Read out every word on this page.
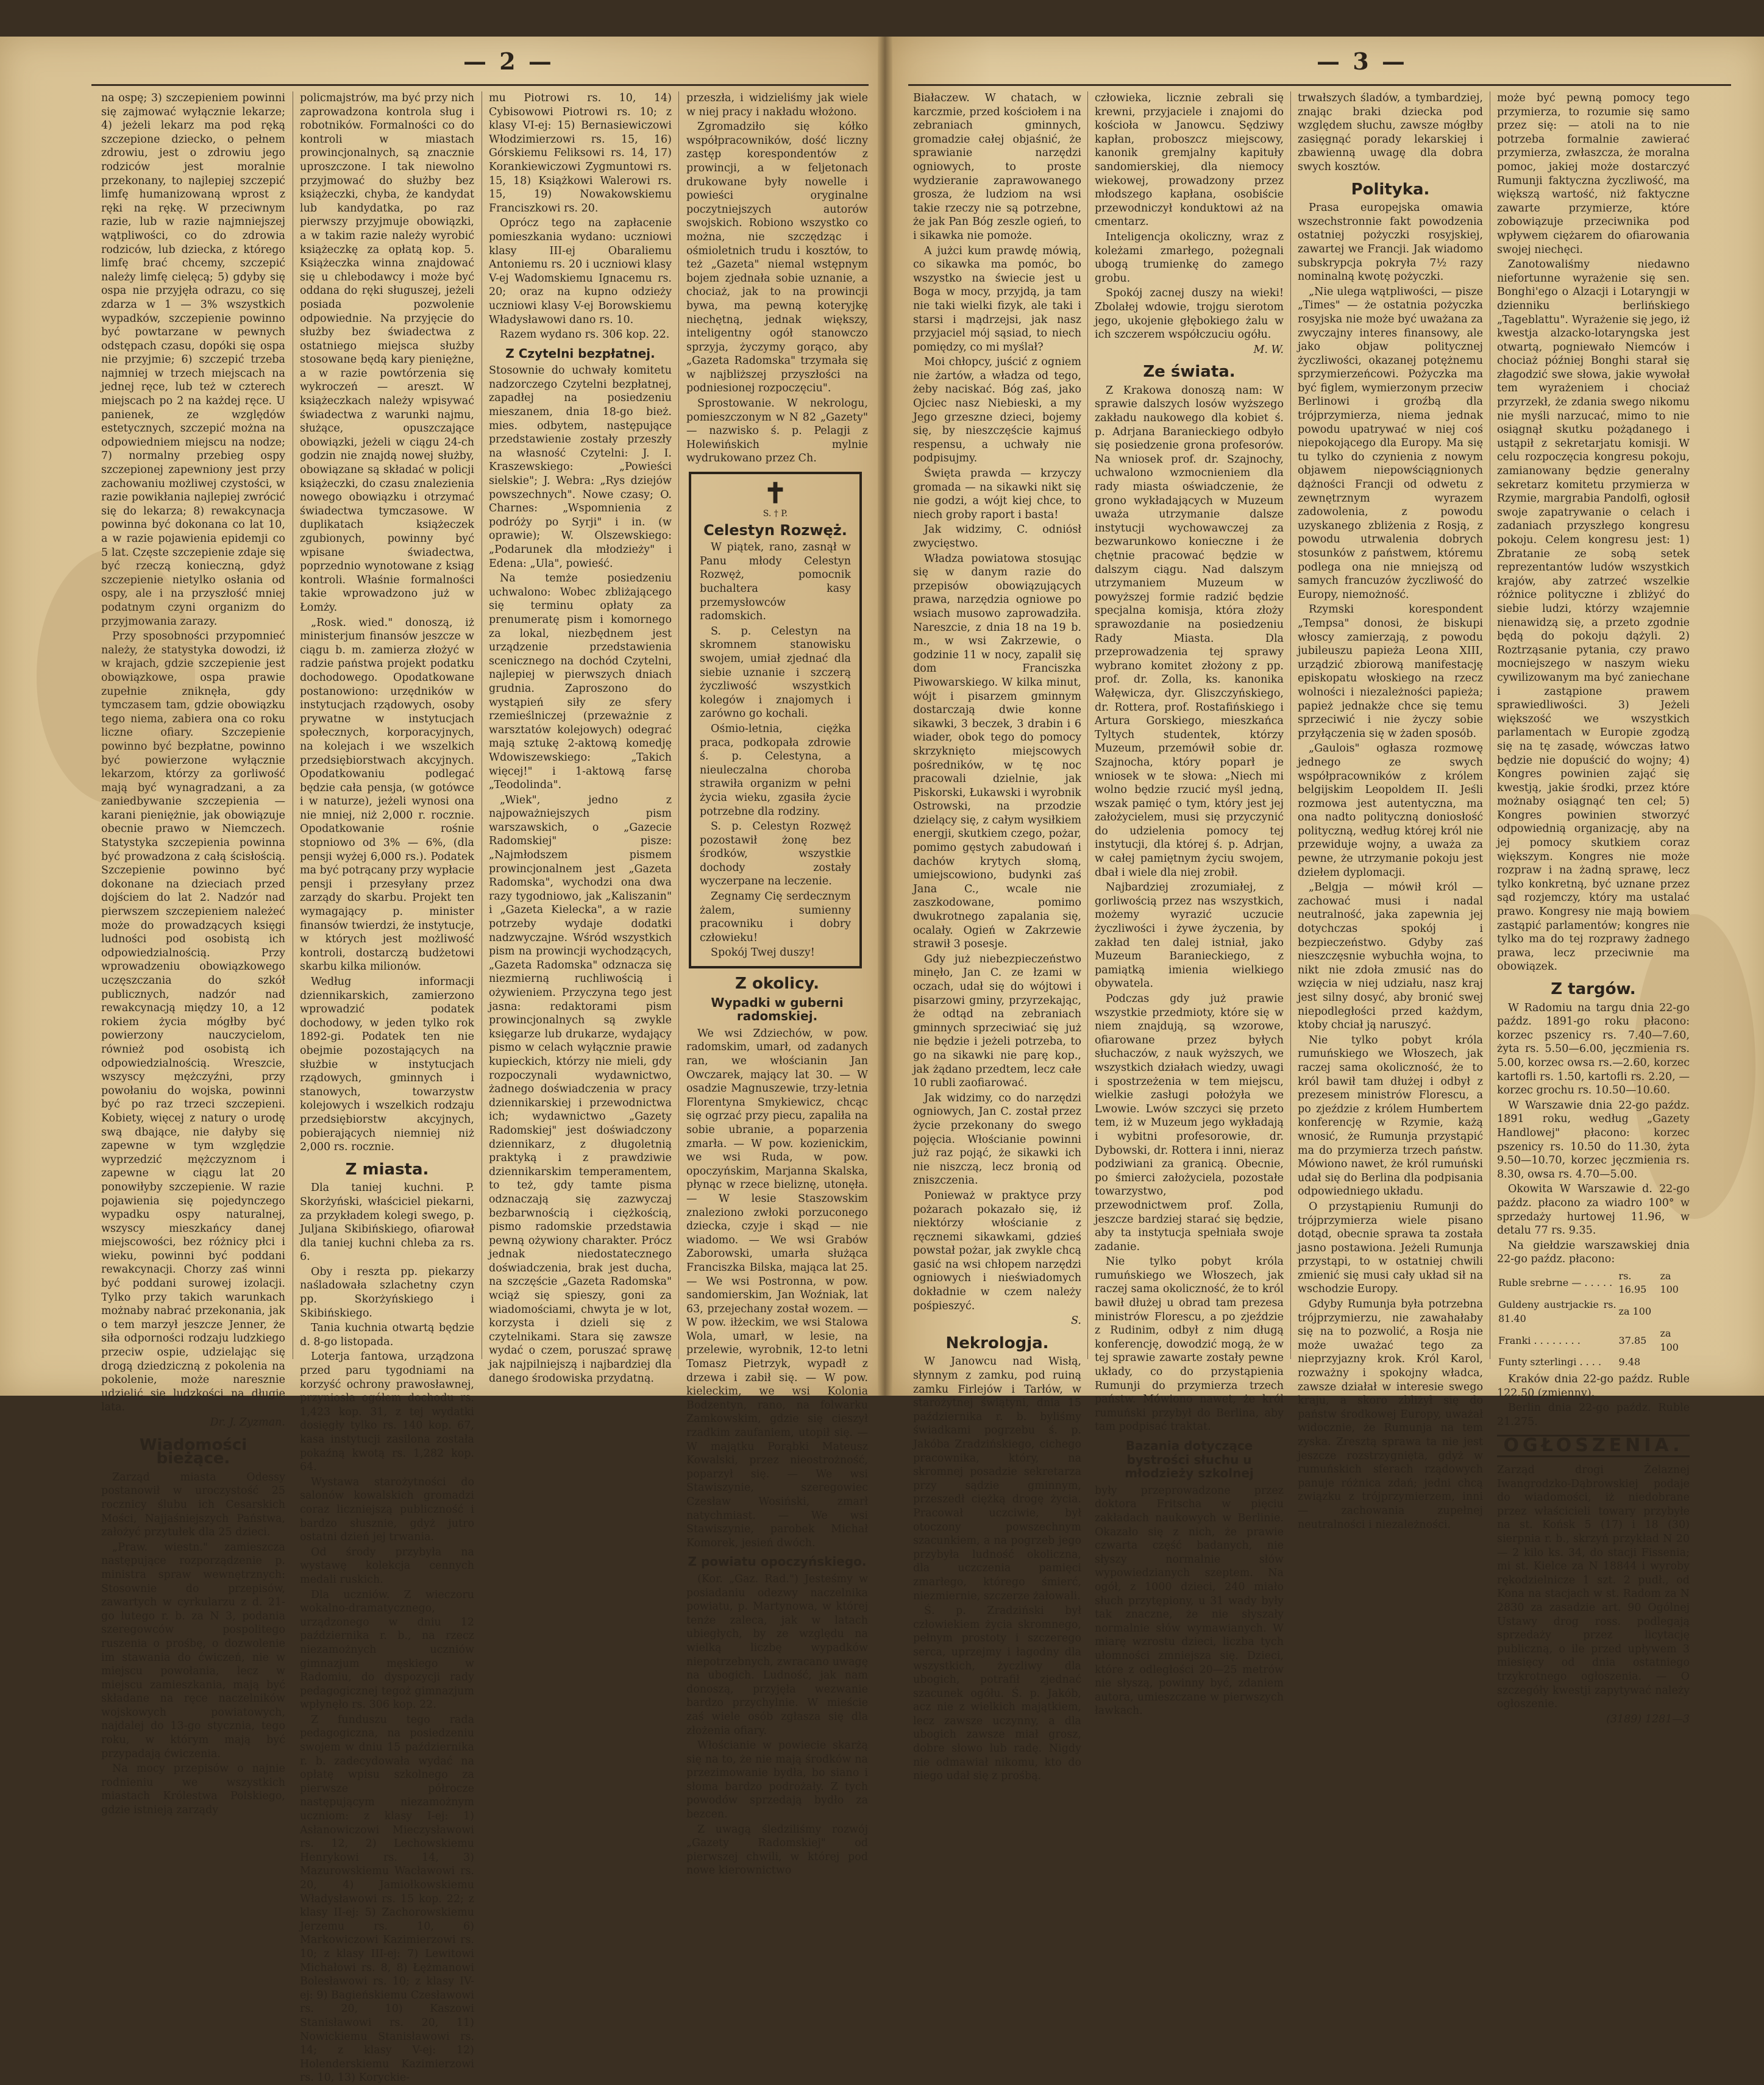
— 2 —	— 3 —

na ospę; 3) szczepieniem powinni się zajmować wyłącznie lekarze; 4) jeżeli lekarz ma pod ręką szczepione dziecko, o pełnem zdrowiu, jest o zdrowiu jego rodziców jest moralnie przekonany, to najlepiej szczepić limfę humanizowaną wprost z ręki na rękę. W przeciwnym razie, lub w razie najmniejszej wątpliwości, co do zdrowia rodziców, lub dziecka, z którego limfę brać chcemy, szczepić należy limfę cielęcą; 5) gdyby się ospa nie przyjęła odrazu, co się zdarza w 1 — 3% wszystkich wypadków, szczepienie powinno być powtarzane w pewnych odstępach czasu, dopóki się ospa nie przyjmie; 6) szczepić trzeba najmniej w trzech miejscach na jednej ręce, lub też w czterech miejscach po 2 na każdej ręce. U panienek, ze względów estetycznych, szczepić można na odpowiedniem miejscu na nodze; 7) normalny przebieg ospy szczepionej zapewniony jest przy zachowaniu możliwej czystości, w razie powikłania najlepiej zwrócić się do lekarza; 8) rewakcynacja powinna być dokonana co lat 10, a w razie pojawienia epidemji co 5 lat. Częste szczepienie zdaje się być rzeczą konieczną, gdyż szczepienie nietylko osłania od ospy, ale i na przyszłość mniej podatnym czyni organizm do przyjmowania zarazy.

Przy sposobności przypomnieć należy, że statystyka dowodzi, iż w krajach, gdzie szczepienie jest obowiązkowe, ospa prawie zupełnie zniknęła, gdy tymczasem tam, gdzie obowiązku tego niema, zabiera ona co roku liczne ofiary. Szczepienie powinno być bezpłatne, powinno być powierzone wyłącznie lekarzom, którzy za gorliwość mają być wynagradzani, a za zaniedbywanie szczepienia — karani pieniężnie, jak obowiązuje obecnie prawo w Niemczech. Statystyka szczepienia powinna być prowadzona z całą ścisłością. Szczepienie powinno być dokonane na dzieciach przed dojściem do lat 2. Nadzór nad pierwszem szczepieniem należeć może do prowadzących księgi ludności pod osobistą ich odpowiedzialnością. Przy wprowadzeniu obowiązkowego uczęszczania do szkół publicznych, nadzór nad rewakcynacją między 10, a 12 rokiem życia mógłby być powierzony nauczycielom, również pod osobistą ich odpowiedzialnością. Wreszcie, wszyscy mężczyźni, przy powołaniu do wojska, powinni być po raz trzeci szczepieni. Kobiety, więcej z natury o urodę swą dbające, nie dałyby się zapewne w tym względzie wyprzedzić mężczyznom i zapewne w ciągu lat 20 ponowiłyby szczepienie. W razie pojawienia się pojedynczego wypadku ospy naturalnej, wszyscy mieszkańcy danej miejscowości, bez różnicy płci i wieku, powinni być poddani rewakcynacji. Chorzy zaś winni być poddani surowej izolacji. Tylko przy takich warunkach możnaby nabrać przekonania, jak o tem marzył jeszcze Jenner, że siła odporności rodzaju ludzkiego przeciw ospie, udzielając się drogą dziedziczną z pokolenia na pokolenie, może naresznie udzielić się ludzkości na długie lata.

Dr. J. Zyzman.

Wiadomości bieżące.

Zarząd miasta Odessy postanowił w uroczystość 25 rocznicy ślubu ich Cesarskich Mości, Najjaśniejszych Państwa, założyć przytułek dla 25 dzieci.

„Praw. wiestn." zamieszcza następujące rozporządzenie p. ministra spraw wewnętrznych: Stosownie do przepisów, zawartych w cyrkularzu z d. 21-go lutego r. b. za N 3, podania szeregowców pospolitego ruszenia o prośbę, o dozwolenie im stawania do ćwiczeń, nie w miejscu powołania, lecz w miejscu zamieszkania, mają być składane na ręce naczelników wojskowych powiatowych, najdalej do 13-go stycznia, tego roku, w którym mają być przypadają ćwiczenia.

Na mocy przepisów o najnie rodnieniu we wszystkich miastach Królestwa Polskiego, gdzie istnieją zarządy

policmajstrów, ma być przy nich zaprowadzona kontrola sług i robotników. Formalności co do kontroli w miastach prowincjonalnych, są znacznie uproszczone. I tak niewolno przyjmować do służby bez książeczki, chyba, że kandydat lub kandydatka, po raz pierwszy przyjmuje obowiązki, a w takim razie należy wyrobić książeczkę za opłatą kop. 5. Książeczka winna znajdować się u chlebodawcy i może być oddana do ręki sługuszej, jeżeli posiada pozwolenie odpowiednie. Na przyjęcie do służby bez świadectwa z ostatniego miejsca służby stosowane będą kary pieniężne, a w razie powtórzenia się wykroczeń — areszt. W książeczkach należy wpisywać świadectwa z warunki najmu, służące, opuszczające obowiązki, jeżeli w ciągu 24-ch godzin nie znajdą nowej służby, obowiązane są składać w policji książeczki, do czasu znalezienia nowego obowiązku i otrzymać świadectwa tymczasowe. W duplikatach książeczek zgubionych, powinny być wpisane świadectwa, poprzednio wynotowane z ksiąg kontroli. Właśnie formalności takie wprowadzono już w Łomży.

„Rosk. wied." donoszą, iż ministerjum finansów jeszcze w ciągu b. m. zamierza złożyć w radzie państwa projekt podatku dochodowego. Opodatkowane postanowiono: urzędników w instytucjach rządowych, osoby prywatne w instytucjach społecznych, korporacyjnych, na kolejach i we wszelkich przedsiębiorstwach akcyjnych. Opodatkowaniu podlegać będzie cała pensja, (w gotówce i w naturze), jeżeli wynosi ona nie mniej, niż 2,000 r. rocznie. Opodatkowanie rośnie stopniowo od 3% — 6%, (dla pensji wyżej 6,000 rs.). Podatek ma być potrącany przy wypłacie pensji i przesyłany przez zarządy do skarbu. Projekt ten wymagający p. minister finansów twierdzi, że instytucje, w których jest możliwość kontroli, dostarczą budżetowi skarbu kilka milionów.

Według informacji dziennikarskich, zamierzono wprowadzić podatek dochodowy, w jeden tylko rok 1892-gi. Podatek ten nie obejmie pozostających na służbie w instytucjach rządowych, gminnych i stanowych, towarzystw kolejowych i wszelkich rodzaju przedsiębiorstw akcyjnych, pobierających niemniej niż 2,000 rs. rocznie.

Z miasta.

Dla taniej kuchni. P. Skorżyński, właściciel piekarni, za przykładem kolegi swego, p. Juljana Skibińskiego, ofiarował dla taniej kuchni chleba za rs. 6.

Oby i reszta pp. piekarzy naśladowała szlachetny czyn pp. Skorżyńskiego i Skibińskiego.

Tania kuchnia otwartą będzie d. 8-go listopada.

Loterja fantowa, urządzona przed paru tygodniami na korzyść ochrony prawosławnej, przyniosła ogółem dochodu rs. 1,423 kop. 31, z tej wydatki dosięgły tylko rs. 140 kop. 67, kasa instytucji zasilona została pokaźną kwotą rs. 1,282 kop. 64.

Wystawa starożytności do salonów kowalskich gromadzi coraz liczniejszą publiczność i bardzo słusznie, gdyż jutro ostatni dzień jej trwania.

Od środy przybyła na wystawę kolekcja cennych medali ruskich.

Dla uczniów. Z wieczoru wokalno-dramatycznego, urządzonego w dniu 12 października r. b., na rzecz niezamożnych uczniów gimnazjum męskiego w Radomiu, do dyspozycji rady pedagogicznej tegoż gimnazjum wpłynęło rs. 306 kop. 22.

Z funduszu tego rada pedagogiczna, na posiedzeniu swojem w dniu 15 października r. b. zadecydowała wydać na opłatę wpisu szkolnego za pierwsze półrocze następującym niezamożnym uczniom: z klasy I-ej: 1) Asłanowiczowi Mieczysławowi rs. 12, 2) Lechowskiemu Henrykowi rs. 14, 3) Mazurowskiemu Wacławowi rs. 20, 4) Jamiołkowskiemu Władysławowi rs. 15 kop. 22; z klasy II-ej: 5) Zachorowskiemu Jerzemu rs. 10, 6) Markowiczowi Kazimierzowi rs. 10; z klasy III-ej: 7) Lewitowi Michałowi rs. 8, 8) Łężmanowi Bolesławowi rs. 10; z klasy IV-ej: 9) Bagieńskiemu Czesławowi rs. 20, 10) Kaszowi Stanisławowi rs. 20, 11) Nowickiemu Stanisławowi rs. 14; z klasy V-ej: 12) Holenderskiemu Kazimierzowi rs. 10, 13) Koryckie-

mu Piotrowi rs. 10, 14) Cybisowowi Piotrowi rs. 10; z klasy VI-ej: 15) Bernasiewiczowi Włodzimierzowi rs. 15, 16) Górskiemu Feliksowi rs. 14, 17) Korankiewiczowi Zygmuntowi rs. 15, 18) Książkowi Walerowi rs. 15, 19) Nowakowskiemu Franciszkowi rs. 20.

Oprócz tego na zapłacenie pomieszkania wydano: uczniowi klasy III-ej Obaraliemu Antoniemu rs. 20 i uczniowi klasy V-ej Wadomskiemu Ignacemu rs. 20; oraz na kupno odzieży uczniowi klasy V-ej Borowskiemu Władysławowi dano rs. 10.

Razem wydano rs. 306 kop. 22.

Z Czytelni bezpłatnej.

Stosownie do uchwały komitetu nadzorczego Czytelni bezpłatnej, zapadłej na posiedzeniu mieszanem, dnia 18-go bież. mies. odbytem, następujące przedstawienie zostały przeszły na własność Czytelni: J. I. Kraszewskiego: „Powieści sielskie"; J. Webra: „Rys dziejów powszechnych". Nowe czasy; O. Charnes: „Wspomnienia z podróży po Syrji" i in. (w oprawie); W. Olszewskiego: „Podarunek dla młodzieży" i Edena: „Ula", powieść.

Na temże posiedzeniu uchwalono: Wobec zbliżającego się terminu opłaty za prenumeratę pism i komornego za lokal, niezbędnem jest urządzenie przedstawienia scenicznego na dochód Czytelni, najlepiej w pierwszych dniach grudnia. Zaproszono do wystąpień siły ze sfery rzemieślniczej (przeważnie z warsztatów kolejowych) odegrać mają sztukę 2-aktową komedję Wdowiszewskiego: „Takich więcej!" i 1-aktową farsę „Teodolinda".

„Wiek", jedno z najpoważniejszych pism warszawskich, o „Gazecie Radomskiej" pisze: „Najmłodszem pismem prowincjonalnem jest „Gazeta Radomska", wychodzi ona dwa razy tygodniowo, jak „Kaliszanin" i „Gazeta Kielecka", a w razie potrzeby wydaje dodatki nadzwyczajne. Wśród wszystkich pism na prowincji wychodzących, „Gazeta Radomska" odznacza się niezmierną ruchliwością i ożywieniem. Przyczyna tego jest jasna: redaktorami pism prowincjonalnych są zwykle księgarze lub drukarze, wydający pismo w celach wyłącznie prawie kupieckich, którzy nie mieli, gdy rozpoczynali wydawnictwo, żadnego doświadczenia w pracy dziennikarskiej i przewodnictwa ich; wydawnictwo „Gazety Radomskiej" jest doświadczony dziennikarz, z długoletnią praktyką i z prawdziwie dziennikarskim temperamentem, to też, gdy tamte pisma odznaczają się zazwyczaj bezbarwnością i ciężkością, pismo radomskie przedstawia pewną ożywiony charakter. Prócz jednak niedostatecznego doświadczenia, brak jest ducha, na szczęście „Gazeta Radomska" wciąż się spieszy, goni za wiadomościami, chwyta je w lot, korzysta i dzieli się z czytelnikami. Stara się zawsze wydać o czem, poruszać sprawę jak najpilniejszą i najbardziej dla danego środowiska przydatną.

przeszła, i widzieliśmy jak wiele w niej pracy i nakładu włożono.

Zgromadziło się kółko współpracowników, dość liczny zastęp korespondentów z prowincji, a w feljetonach drukowane były nowelle i powieści oryginalne poczytniejszych autorów swojskich. Robiono wszystko co można, nie szczędząc i ośmioletnich trudu i kosztów, to też „Gazeta" niemal wstępnym bojem zjednała sobie uznanie, a chociaż, jak to na prowincji bywa, ma pewną koteryjkę niechętną, jednak większy, inteligentny ogół stanowczo sprzyja, życzymy gorąco, aby „Gazeta Radomska" trzymała się w najbliższej przyszłości na podniesionej rozpoczęciu".

Sprostowanie. W nekrologu, pomieszczonym w N 82 „Gazety" — nazwisko ś. p. Pelagji z Holewińskich mylnie wydrukowano przez Ch.

✝
S. † P.
Celestyn Rozwęż.

W piątek, rano, zasnął w Panu młody Celestyn Rozwęż, pomocnik buchaltera kasy przemysłowców radomskich.

S. p. Celestyn na skromnem stanowisku swojem, umiał zjednać dla siebie uznanie i szczerą życzliwość wszystkich kolegów i znajomych i zarówno go kochali.

Ośmio-letnia, ciężka praca, podkopała zdrowie ś. p. Celestyna, a nieuleczalna choroba strawiła organizm w pełni życia wieku, zgasiła życie potrzebne dla rodziny.

S. p. Celestyn Rozwęż pozostawił żonę bez środków, wszystkie dochody zostały wyczerpane na leczenie.

Zegnamy Cię serdecznym żalem, sumienny pracowniku i dobry człowieku!

Spokój Twej duszy!

Z okolicy.
Wypadki w guberni radomskiej.

We wsi Zdziechów, w pow. radomskim, umarł, od zadanych ran, we włościanin Jan Owczarek, mający lat 30. — W osadzie Magnuszewie, trzy-letnia Florentyna Smykiewicz, chcąc się ogrzać przy piecu, zapaliła na sobie ubranie, a poparzenia zmarła. — W pow. kozienickim, we wsi Ruda, w pow. opoczyńskim, Marjanna Skalska, płynąc w rzece bieliznę, utonęła. — W lesie Staszowskim znaleziono zwłoki porzuconego dziecka, czyje i skąd — nie wiadomo. — We wsi Grabów Zaborowski, umarła służąca Franciszka Bilska, mająca lat 25. — We wsi Postronna, w pow. sandomierskim, Jan Woźniak, lat 63, przejechany został wozem. — W pow. iłżeckim, we wsi Stalowa Wola, umarł, w lesie, na przelewie, wyrobnik, 12-to letni Tomasz Pietrzyk, wypadł z drzewa i zabił się. — W pow. kieleckim, we wsi Kolonia Bodzentyn, rano, na folwarku Zamkowskim, gdzie się cieszył rzadkim zaufaniem, utopił się. — W majątku Porąbki Mateusz Kowalski, przez nieostrożność, poparzył się. — We wsi Stawiszynie, szeregowiec Czesław Wosiński, zmarł natychmiast. — We wsi Stawiszynie, parobek Michał Komorek, jesień dwóch.

Z powiatu opoczyńskiego.

(Kor. „Gaz. Rad.") Jesteśmy w posiadaniu odezwy naczelnika powiatu, p. Martynowa, w której tenże zaleca, jak w latach ubiegłych, by ze względu na wielką liczbę wypadków niepotrzebnych, zwracano uwagę na ubogich. Ludność, jak nam donoszą, przyjęła wezwanie bardzo przychylnie. W mieście zaś wiele osób zgłasza się dla złożenia ofiary.

Włościanie w powiecie skarżą się na to, że nie mają środków na przezimowanie bydła, bo siano i słoma bardzo podrożały. Z tych powodów sprzedają bydło za bezcen.

Z uwagą śledziliśmy rozwój „Gazety Radomskiej" od pierwszej chwili, w której pod nowe kierownictwo

Białaczew. W chatach, w karczmie, przed kościołem i na zebraniach gminnych, gromadzie całej objaśnić, że sprawianie narzędzi ogniowych, to proste wydzieranie zaprawowanego grosza, że ludziom na wsi takie rzeczy nie są potrzebne, że jak Pan Bóg zeszle ogień, to i sikawka nie pomoże.

A jużci kum prawdę mówią, co sikawka ma pomóc, bo wszystko na świecie jest u Boga w mocy, przyjdą, ja tam nie taki wielki fizyk, ale taki i starsi i mądrzejsi, jak nasz przyjaciel mój sąsiad, to niech pomiędzy, co mi myślał?

Moi chłopcy, juścić z ogniem nie żartów, a władza od tego, żeby naciskać. Bóg zaś, jako Ojciec nasz Niebieski, a my Jego grzeszne dzieci, bojemy się, by nieszczęście kajmuś respensu, a uchwały nie podpisujmy.

Święta prawda — krzyczy gromada — na sikawki nikt się nie godzi, a wójt kiej chce, to niech groby raport i basta!

Jak widzimy, C. odniósł zwycięstwo.

Władza powiatowa stosując się w danym razie do przepisów obowiązujących prawa, narzędzia ogniowe po wsiach musowo zaprowadziła. Nareszcie, z dnia 18 na 19 b. m., w wsi Zakrzewie, o godzinie 11 w nocy, zapalił się dom Franciszka Piwowarskiego. W kilka minut, wójt i pisarzem gminnym dostarczają dwie konne sikawki, 3 beczek, 3 drabin i 6 wiader, obok tego do pomocy skrzyknięto miejscowych pośredników, w tę noc pracowali dzielnie, jak Piskorski, Łukawski i wyrobnik Ostrowski, na przodzie dzielący się, z całym wysiłkiem energji, skutkiem czego, pożar, pomimo gęstych zabudowań i dachów krytych słomą, umiejscowiono, budynki zaś Jana C., wcale nie zaszkodowane, pomimo dwukrotnego zapalania się, ocalały. Ogień w Zakrzewie strawił 3 posesje.

Gdy już niebezpieczeństwo minęło, Jan C. ze łzami w oczach, udał się do wójtowi i pisarzowi gminy, przyrzekając, że odtąd na zebraniach gminnych sprzeciwiać się już nie będzie i jeżeli potrzeba, to go na sikawki nie parę kop., jak żądano przedtem, lecz całe 10 rubli zaofiarować.

Jak widzimy, co do narzędzi ogniowych, Jan C. został przez życie przekonany do swego pojęcia. Włościanie powinni już raz pojąć, że sikawki ich nie niszczą, lecz bronią od zniszczenia.

Ponieważ w praktyce przy pożarach pokazało się, iż niektórzy włościanie z ręcznemi sikawkami, gdzieś powstał pożar, jak zwykle chcą gasić na wsi chłopem narzędzi ogniowych i nieświadomych dokładnie w czem należy pośpieszyć.

S.

Nekrologja.

W Janowcu nad Wisłą, słynnym z zamku, pod ruiną zamku Firlejów i Tarłów, w starożytnej świątyni, dnia 15 października r. b. byliśmy świadkami pogrzebu ś. p. Jakóba Zradzińskiego, cichego pracownika, który, na skromnej posadzie sekretarza przy sądzie gminnym, przeszedł ciężką drogę życia. Pracował uczciwie, był otoczony powszechnym szacunkiem, a na pogrzeb jego przybyła ludność okoliczna, dla uczczenia pamięci zmarłego, którego śmierć, niezmiernie, szczerze żałowali.

Ś. p. Zradziński był człowiekiem życia skromnego, pełnym prostoty i szczerego serca, uprzejmy i łagodny dla wszystkich, życzliwy dla ubogich, potrafił zjednać szacunek ogółu. Ś. p. Jakób, acz nie z wielkich majątkiem, lecz zawsze uczynny, a dla ubogich zawsze miał grosz, dobre słowo lub radę. Nigdy nie odmawiał nikomu, kto do niego udał się z prośbą.

człowieka, licznie zebrali się krewni, przyjaciele i znajomi do kościoła w Janowcu. Sędziwy kapłan, proboszcz miejscowy, kanonik gremjalny kapituły sandomierskiej, dla niemocy wiekowej, prowadzony przez młodszego kapłana, osobiście przewodniczył konduktowi aż na cmentarz.

Inteligencja okoliczny, wraz z koleżami zmarłego, pożegnali ubogą trumienkę do zamego grobu.

Spokój zacnej duszy na wieki! Zbolałej wdowie, trojgu sierotom jego, ukojenie głębokiego żalu w ich szczerem współczuciu ogółu.

M. W.

Ze świata.

Z Krakowa donoszą nam: W sprawie dalszych losów wyższego zakładu naukowego dla kobiet ś. p. Adrjana Baranieckiego odbyło się posiedzenie grona profesorów. Na wniosek prof. dr. Szajnochy, uchwalono wzmocnieniem dla rady miasta oświadczenie, że grono wykładających w Muzeum uważa utrzymanie dalsze instytucji wychowawczej za bezwarunkowo konieczne i że chętnie pracować będzie w dalszym ciągu. Nad dalszym utrzymaniem Muzeum w powyższej formie radzić będzie specjalna komisja, która złoży sprawozdanie na posiedzeniu Rady Miasta. Dla przeprowadzenia tej sprawy wybrano komitet złożony z pp. prof. dr. Zolla, ks. kanonika Wałęwicza, dyr. Gliszczyńskiego, dr. Rottera, prof. Rostafińskiego i Artura Gorskiego, mieszkańca Tyltych studentek, którzy Muzeum, przemówił sobie dr. Szajnocha, który poparł je wniosek w te słowa: „Niech mi wolno będzie rzucić myśl jedną, wszak pamięć o tym, który jest jej założycielem, musi się przyczynić do udzielenia pomocy tej instytucji, dla której ś. p. Adrjan, w całej pamiętnym życiu swojem, dbał i wiele dla niej zrobił.

Najbardziej zrozumiałej, z gorliwością przez nas wszystkich, możemy wyrazić uczucie życzliwości i żywe życzenia, by zakład ten dalej istniał, jako Muzeum Baranieckiego, z pamiątką imienia wielkiego obywatela.

Podczas gdy już prawie wszystkie przedmioty, które się w niem znajdują, są wzorowe, ofiarowane przez byłych słuchaczów, z nauk wyższych, we wszystkich działach wiedzy, uwagi i spostrzeżenia w tem miejscu, wielkie zasługi położyła we Lwowie. Lwów szczyci się przeto tem, iż w Muzeum jego wykładają i wybitni profesorowie, dr. Dybowski, dr. Rottera i inni, nieraz podziwiani za granicą. Obecnie, po śmierci założyciela, pozostałe towarzystwo, pod przewodnictwem prof. Zolla, jeszcze bardziej starać się będzie, aby ta instytucja spełniała swoje zadanie.

Nie tylko pobyt króla rumuńskiego we Włoszech, jak raczej sama okoliczność, że to król bawił dłużej u obrad tam prezesa ministrów Florescu, a po zjeździe z Rudinim, odbył z nim długą konferencję, dowodzić mogą, że w tej sprawie zawarte zostały pewne układy, co do przystąpienia Rumunji do przymierza trzech państw. Mówiono nawet, że król rumuński przybył do Berlina, aby tam podpisać traktat.

Bazania dotyczące bystrości słuchu u młodzieży szkolnej

były przeprowadzone przez doktora Fritscha w pięciu zakładach naukowych w Berlinie. Okazało się z nich, że prawie czwarta część badanych, nie słyszy normalnie słów wypowiedzianych szeptem. Na ogół, z 1000 dzieci, 240 miało słuch przytępiony, u 31 wady były tak znaczne, że nie słyszały normalnie słów wymawianych. W miarę wzrostu dzieci, liczba tych ułomności zmniejsza się. Dzieci, które z odległości 20—25 metrów nie słyszą, powinny być, zdaniem autora, umieszczane w pierwszych ławkach.

trwałszych śladów, a tymbardziej, znając braki dziecka pod względem słuchu, zawsze mógłby zasięgnąć porady lekarskiej i zbawienną uwagę dla dobra swych kosztów.

Polityka.

Prasa europejska omawia wszechstronnie fakt powodzenia ostatniej pożyczki rosyjskiej, zawartej we Francji. Jak wiadomo subskrypcja pokryła 7½ razy nominalną kwotę pożyczki.

„Nie ulega wątpliwości, — pisze „Times" — że ostatnia pożyczka rosyjska nie może być uważana za zwyczajny interes finansowy, ale jako objaw politycznej życzliwości, okazanej potężnemu sprzymierzeńcowi. Pożyczka ma być figlem, wymierzonym przeciw Berlinowi i groźbą dla trójprzymierza, niema jednak powodu upatrywać w niej coś niepokojącego dla Europy. Ma się tu tylko do czynienia z nowym objawem niepowściągnionych dążności Francji od odwetu z zewnętrznym wyrazem zadowolenia, z powodu uzyskanego zbliżenia z Rosją, z powodu utrwalenia dobrych stosunków z państwem, któremu podlega ona nie mniejszą od samych francuzów życzliwość do Europy, niemożność.

Rzymski korespondent „Tempsa" donosi, że biskupi włoscy zamierzają, z powodu jubileuszu papieża Leona XIII, urządzić zbiorową manifestację episkopatu włoskiego na rzecz wolności i niezależności papieża; papież jednakże chce się temu sprzeciwić i nie życzy sobie przyłączenia się w żaden sposób.

„Gaulois" ogłasza rozmowę jednego ze swych współpracowników z królem belgijskim Leopoldem II. Jeśli rozmowa jest autentyczna, ma ona nadto polityczną doniosłość polityczną, według której król nie przewiduje wojny, a uważa za pewne, że utrzymanie pokoju jest dziełem dyplomacji.

„Belgja — mówił król — zachować musi i nadal neutralność, jaka zapewnia jej dotychczas spokój i bezpieczeństwo. Gdyby zaś nieszczęsnie wybuchła wojna, to nikt nie zdoła zmusić nas do wzięcia w niej udziału, nasz kraj jest silny dosyć, aby bronić swej niepodległości przed każdym, ktoby chciał ją naruszyć.

Nie tylko pobyt króla rumuńskiego we Włoszech, jak raczej sama okoliczność, że to król bawił tam dłużej i odbył z prezesem ministrów Florescu, a po zjeździe z królem Humbertem konferencję w Rzymie, każą wnosić, że Rumunja przystąpić ma do przymierza trzech państw. Mówiono nawet, że król rumuński udał się do Berlina dla podpisania odpowiedniego układu.

O przystąpieniu Rumunji do trójprzymierza wiele pisano dotąd, obecnie sprawa ta została jasno postawiona. Jeżeli Rumunja przystąpi, to w ostatniej chwili zmienić się musi cały układ sił na wschodzie Europy.

Gdyby Rumunja była potrzebna trójprzymierzu, nie zawahałaby się na to pozwolić, a Rosja nie może uważać tego za nieprzyjazny krok. Król Karol, rozważny i spokojny władca, zawsze działał w interesie swego kraju, a skoro zbliżył się do państw środkowej Europy, uważał widocznie, że Rumunja na tem zyska. Zresztą sprawa ta nie jest jeszcze rozstrzygnięta, gdyż w rumuńskich sferach rządowych panuje różnica zdań; jedni chcą związku z trójprzymierzem, inni — zachowania zupełnej neutralności i niezależności.

może być pewną pomocy tego przymierza, to rozumie się samo przez się: — atoli na to nie potrzeba formalnie zawierać przymierza, zwłaszcza, że moralna pomoc, jakiej może dostarczyć Rumunji faktyczna życzliwość, ma większą wartość, niż faktyczne zawarte przymierze, które zobowiązuje przeciwnika pod wpływem ciężarem do ofiarowania swojej niechęci.

Zanotowaliśmy niedawno niefortunne wyrażenie się sen. Bonghi'ego o Alzacji i Lotaryngji w dzienniku berlińskiego „Tageblattu". Wyrażenie się jego, iż kwestja alzacko-lotaryngska jest otwartą, pogniewało Niemców i chociaż później Bonghi starał się złagodzić swe słowa, jakie wywołał tem wyrażeniem i chociaż przyrzekł, że zdania swego nikomu nie myśli narzucać, mimo to nie osiągnął skutku pożądanego i ustąpił z sekretarjatu komisji. W celu rozpoczęcia kongresu pokoju, zamianowany będzie generalny sekretarz komitetu przymierza w Rzymie, margrabia Pandolfi, ogłosił swoje zapatrywanie o celach i zadaniach przyszłego kongresu pokoju. Celem kongresu jest: 1) Zbratanie ze sobą setek reprezentantów ludów wszystkich krajów, aby zatrzeć wszelkie różnice polityczne i zbliżyć do siebie ludzi, którzy wzajemnie nienawidzą się, a przeto zgodnie będą do pokoju dążyli. 2) Roztrząsanie pytania, czy prawo mocniejszego w naszym wieku cywilizowanym ma być zaniechane i zastąpione prawem sprawiedliwości. 3) Jeżeli większość we wszystkich parlamentach w Europie zgodzą się na tę zasadę, wówczas łatwo będzie nie dopuścić do wojny; 4) Kongres powinien zająć się kwestją, jakie środki, przez które możnaby osiągnąć ten cel; 5) Kongres powinien stworzyć odpowiednią organizację, aby na jej pomocy skutkiem coraz większym. Kongres nie może rozpraw i na żadną sprawę, lecz tylko konkretną, być uznane przez sąd rozjemczy, który ma ustalać prawo. Kongresy nie mają bowiem zastąpić parlamentów; kongres nie tylko ma do tej rozprawy żadnego prawa, lecz przeciwnie ma obowiązek.

Z targów.

W Radomiu na targu dnia 22-go paźdz. 1891-go roku płacono: korzec pszenicy rs. 7.40—7.60, żyta rs. 5.50—6.00, jęczmienia rs. 5.00, korzec owsa rs.—2.60, korzec kartofli rs. 1.50, kartofli rs. 2.20, —korzec grochu rs. 10.50—10.60.

W Warszawie dnia 22-go paźdz. 1891 roku, według „Gazety Handlowej" płacono: korzec pszenicy rs. 10.50 do 11.30, żyta 9.50—10.70, korzec jęczmienia rs. 8.30, owsa rs. 4.70—5.00.

Okowita W Warszawie d. 22-go paźdz. płacono za wiadro 100° w sprzedaży hurtowej 11.96, w detalu 77 rs. 9.35.

Na giełdzie warszawskiej dnia 22-go paźdz. płacono:

Ruble srebrne — . . . . .	rs. 16.95	za 100
Guldeny austrjackie rs. 81.40	za 100	
Franki . . . . . . . .	37.85	za 100
Funty szterlingi . . . .	9.48	

Kraków dnia 22-go paźdz. Ruble 122.50 (zmienny).

Berlin dnia 22-go paźdz. Ruble 21.275.

OGŁOSZENIA.

Zarząd drogi Żelaznej Iwangrodzko-Dąbrowskiej podaje do wiadomości, iż niedobrane przez właścicieli towary przybyłe na st. Końsk 5 (17) i 18 (30) sierpnia r. b., skrzyń przykład N 20 — 2 kilo ks. 34, do stacji Fissenia; mi st. Kielce za N 18844 i wyroby rękodzielnicze 1 szt. 2 pudł., od Kona na stacjach w st. Radom za N 2830 za zasadzie art. 90 Ogólnej Ustawy drog ross. podlegają sprzedaży przez licytację publiczną, o ile przed upływem 3 miesięcy od dnia ostatniego trzykrotnego ogłoszenia. — O szczegóły kwestji zapytywać należy ogłoszenie.

(3189) 1281—3
